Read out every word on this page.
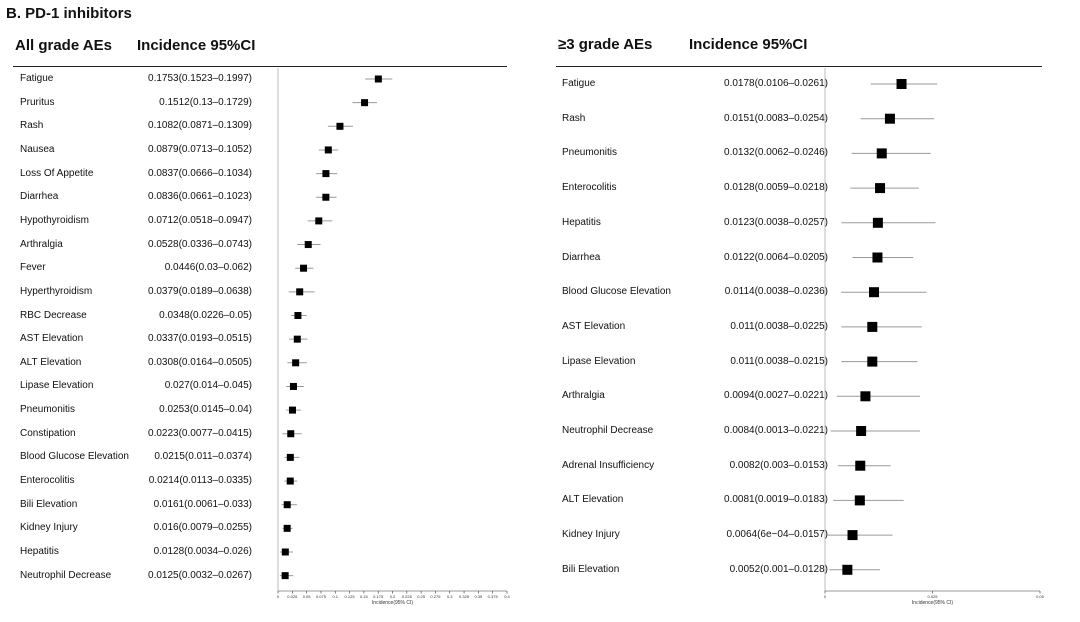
B. PD-1 inhibitors
All grade AEs Incidence 95%CI
Fatigue	0.1753(0.1523–0.1997)
Pruritus	0.1512(0.13–0.1729)
Rash	0.1082(0.0871–0.1309)
Nausea	0.0879(0.0713–0.1052)
Loss Of Appetite	0.0837(0.0666–0.1034)
Diarrhea	0.0836(0.0661–0.1023)
Hypothyroidism	0.0712(0.0518–0.0947)
Arthralgia	0.0528(0.0336–0.0743)
Fever	0.0446(0.03–0.062)
Hyperthyroidism	0.0379(0.0189–0.0638)
RBC Decrease	0.0348(0.0226–0.05)
AST Elevation	0.0337(0.0193–0.0515)
ALT Elevation	0.0308(0.0164–0.0505)
Lipase Elevation	0.027(0.014–0.045)
Pneumonitis	0.0253(0.0145–0.04)
Constipation	0.0223(0.0077–0.0415)
Blood Glucose Elevation	0.0215(0.011–0.0374)
Enterocolitis	0.0214(0.0113–0.0335)
Bili Elevation	0.0161(0.0061–0.033)
Kidney Injury	0.016(0.0079–0.0255)
Hepatitis	0.0128(0.0034–0.026)
Neutrophil Decrease	0.0125(0.0032–0.0267)
0 0.025 0.05 0.075 0.1 0.125 0.15 0.175 0.2 0.225 0.25 0.275 0.3 0.325 0.35 0.375 0.4
Incidence(95% CI)
≥3 grade AEs Incidence 95%CI
Fatigue	0.0178(0.0106–0.0261)
Rash	0.0151(0.0083–0.0254)
Pneumonitis	0.0132(0.0062–0.0246)
Enterocolitis	0.0128(0.0059–0.0218)
Hepatitis	0.0123(0.0038–0.0257)
Diarrhea	0.0122(0.0064–0.0205)
Blood Glucose Elevation	0.0114(0.0038–0.0236)
AST Elevation	0.011(0.0038–0.0225)
Lipase Elevation	0.011(0.0038–0.0215)
Arthralgia	0.0094(0.0027–0.0221)
Neutrophil Decrease	0.0084(0.0013–0.0221)
Adrenal Insufficiency	0.0082(0.003–0.0153)
ALT Elevation	0.0081(0.0019–0.0183)
Kidney Injury	0.0064(6e−04–0.0157)
Bili Elevation	0.0052(0.001–0.0128)
0	0.025	0.05
Incidence(95% CI)
